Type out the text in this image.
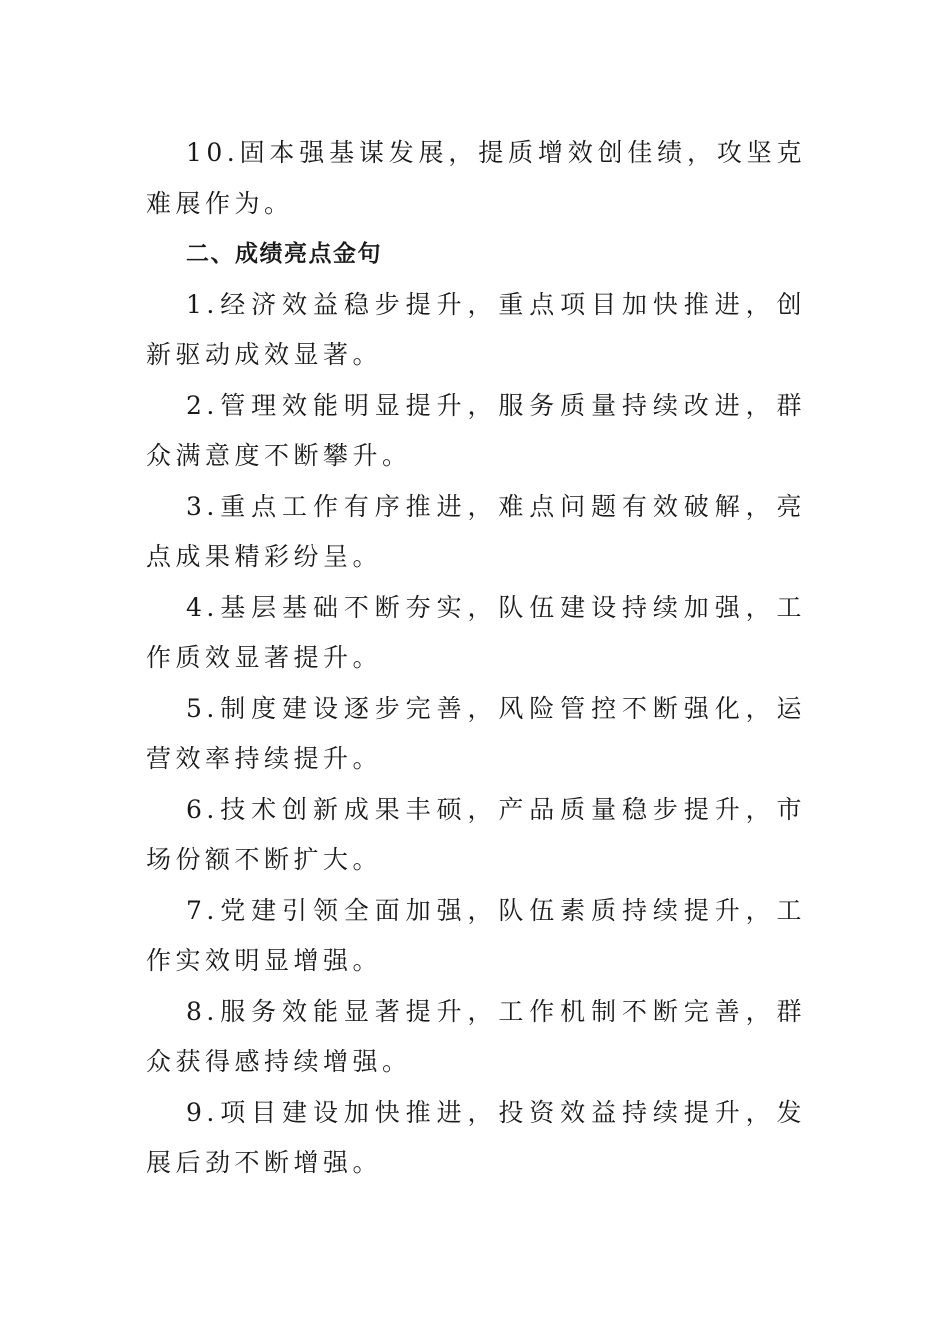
10.固本强基谋发展，提质增效创佳绩，攻坚克难展作为。

二、成绩亮点金句

1.经济效益稳步提升，重点项目加快推进，创新驱动成效显著。

2.管理效能明显提升，服务质量持续改进，群众满意度不断攀升。

3.重点工作有序推进，难点问题有效破解，亮点成果精彩纷呈。

4.基层基础不断夯实，队伍建设持续加强，工作质效显著提升。

5.制度建设逐步完善，风险管控不断强化，运营效率持续提升。

6.技术创新成果丰硕，产品质量稳步提升，市场份额不断扩大。

7.党建引领全面加强，队伍素质持续提升，工作实效明显增强。

8.服务效能显著提升，工作机制不断完善，群众获得感持续增强。

9.项目建设加快推进，投资效益持续提升，发展后劲不断增强。
